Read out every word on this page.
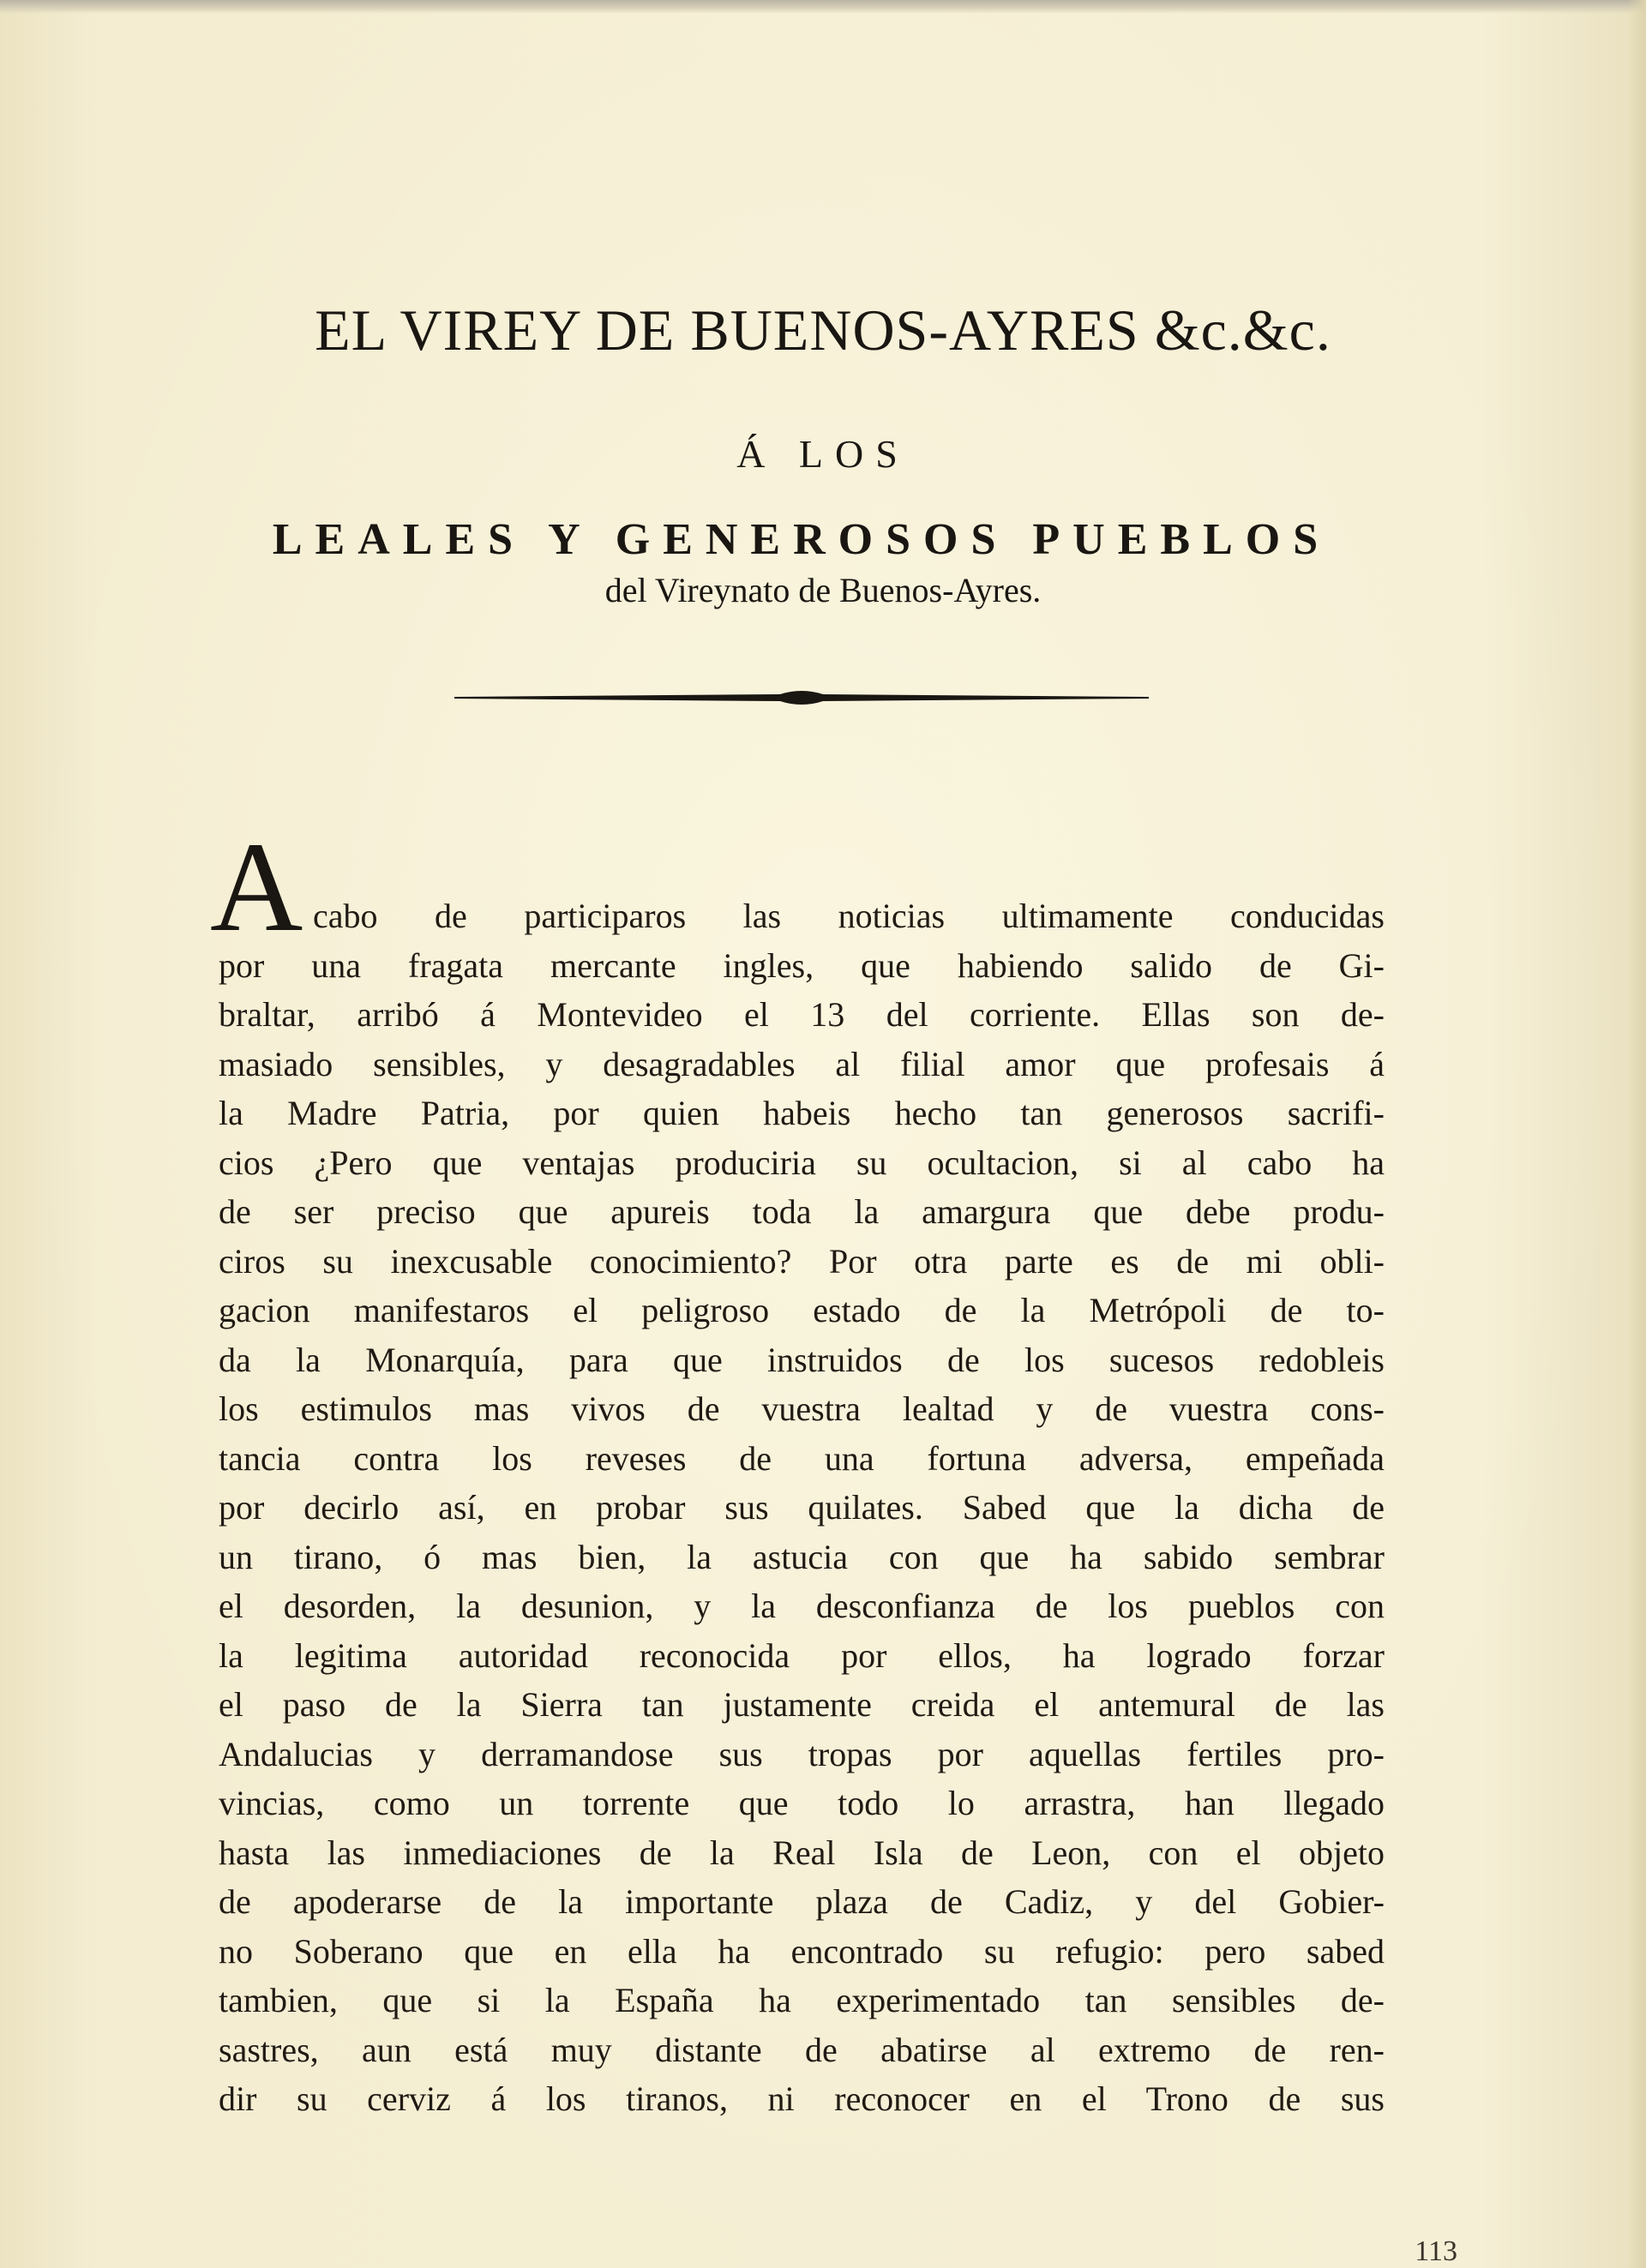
EL VIREY DE BUENOS-AYRES &c.&c.
Á LOS
LEALES Y GENEROSOS PUEBLOS
del Vireynato de Buenos-Ayres.
A cabo de participaros las noticias ultimamente conducidas
por una fragata mercante ingles, que habiendo salido de Gi-
braltar, arribó á Montevideo el 13 del corriente. Ellas son de-
masiado sensibles, y desagradables al filial amor que profesais á
la Madre Patria, por quien habeis hecho tan generosos sacrifi-
cios ¿Pero que ventajas produciria su ocultacion, si al cabo ha
de ser preciso que apureis toda la amargura que debe produ-
ciros su inexcusable conocimiento? Por otra parte es de mi obli-
gacion manifestaros el peligroso estado de la Metrópoli de to-
da la Monarquía, para que instruidos de los sucesos redobleis
los estimulos mas vivos de vuestra lealtad y de vuestra cons-
tancia contra los reveses de una fortuna adversa, empeñada
por decirlo así, en probar sus quilates. Sabed que la dicha de
un tirano, ó mas bien, la astucia con que ha sabido sembrar
el desorden, la desunion, y la desconfianza de los pueblos con
la legitima autoridad reconocida por ellos, ha logrado forzar
el paso de la Sierra tan justamente creida el antemural de las
Andalucias y derramandose sus tropas por aquellas fertiles pro-
vincias, como un torrente que todo lo arrastra, han llegado
hasta las inmediaciones de la Real Isla de Leon, con el objeto
de apoderarse de la importante plaza de Cadiz, y del Gobier-
no Soberano que en ella ha encontrado su refugio: pero sabed
tambien, que si la España ha experimentado tan sensibles de-
sastres, aun está muy distante de abatirse al extremo de ren-
dir su cerviz á los tiranos, ni reconocer en el Trono de sus
113
